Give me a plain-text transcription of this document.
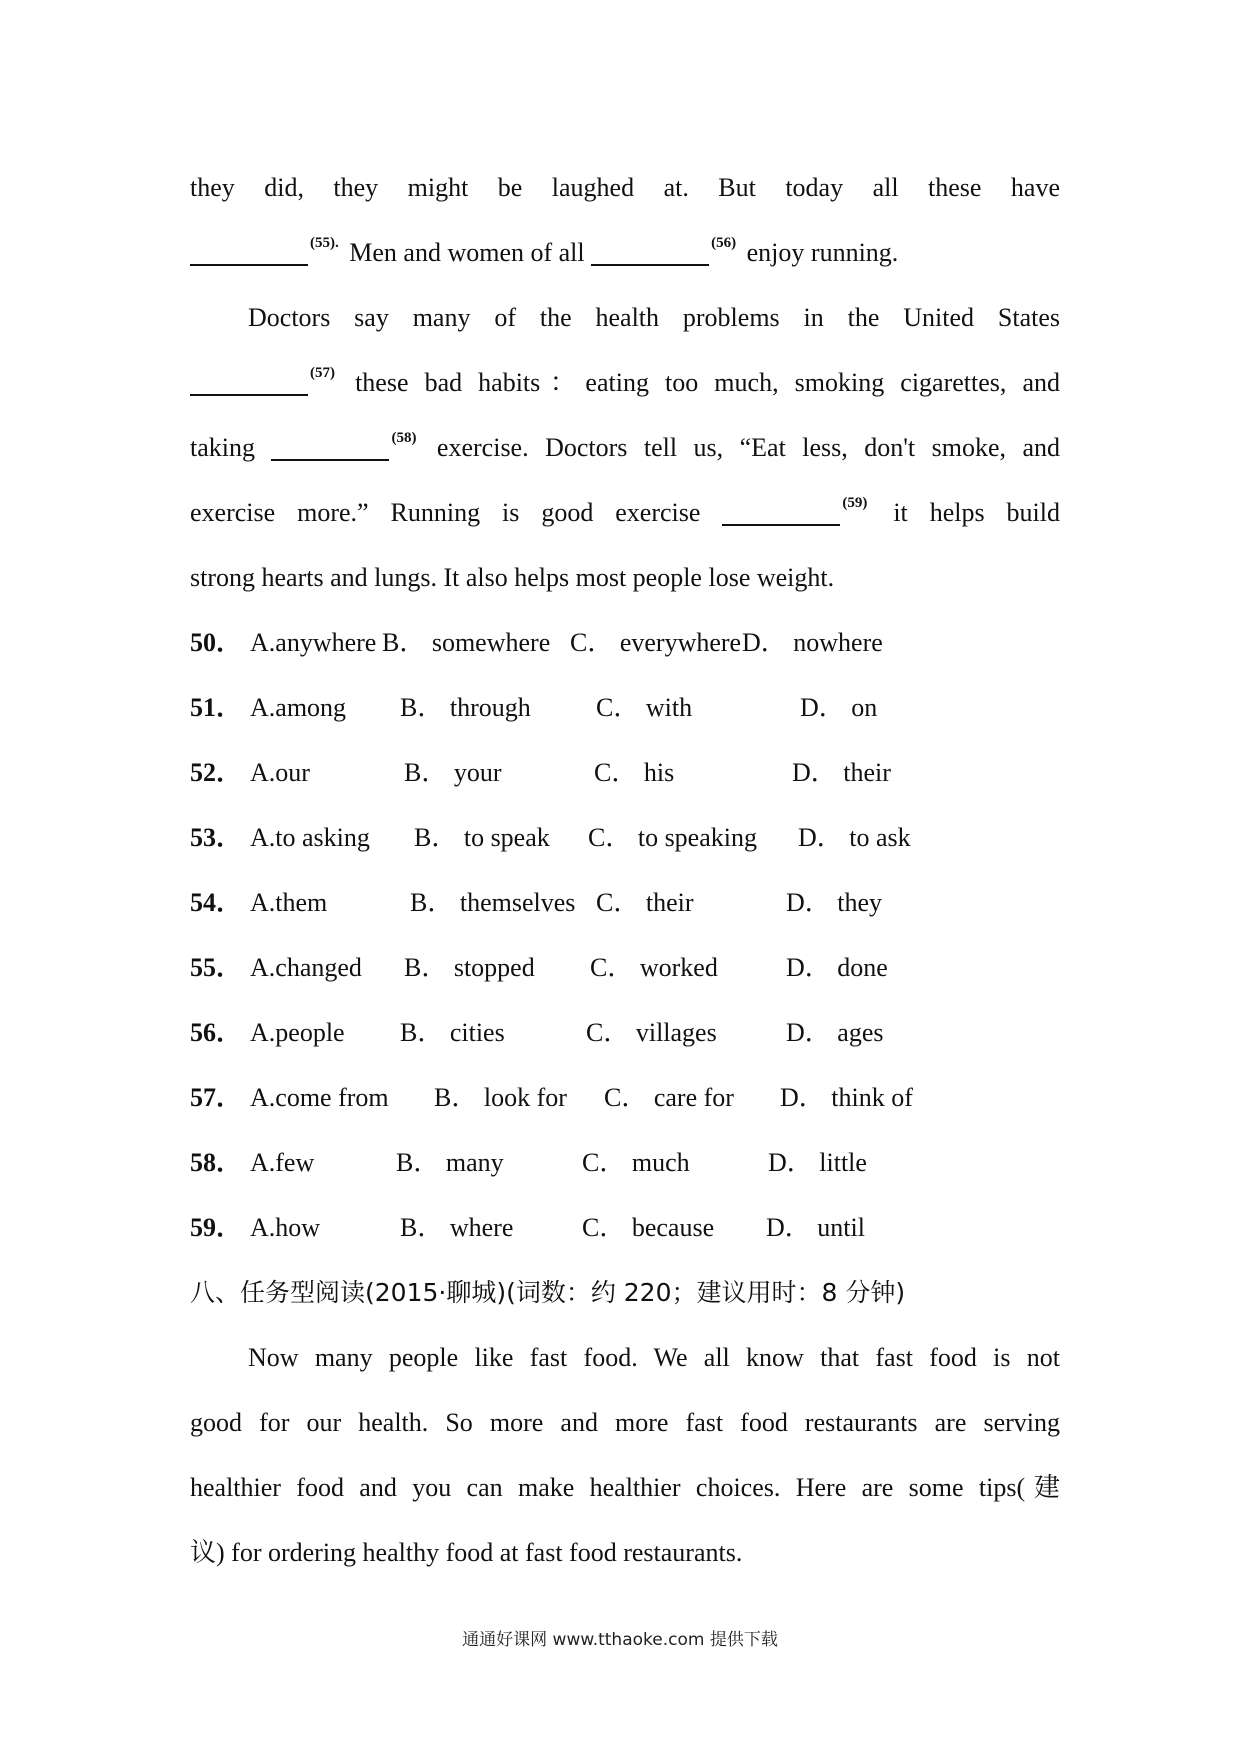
they did, they might be laughed at. But today all these have
$^{(55).}$ Men and women of all	$^{(56)}$ enjoy running.
Doctors say many of the health problems in the United States
$^{(57)}$ these bad habits：eating too much, smoking cigarettes, and
taking	$^{(58)}$ exercise. Doctors tell us, “Eat less, don't smoke, and
exercise more.” Running is good exercise	$^{(59)}$ it helps build
strong hearts and lungs. It also helps most people lose weight.
50． A.anywhere B． somewhere C． everywhere D． nowhere
51． A.among	B． through	C． with	D． on
52． A.our	B． your	C． his	D． their
53． A.to asking	B． to speak	C． to speaking	D． to ask
54． A.them	B． themselves C． their	D． they
55． A.changed	B． stopped	C． worked	D． done
56． A.people	B． cities	C． villages	D． ages
57． A.come from	B． look for	C． care for	D． think of
58． A.few	B． many	C． much	D． little
59． A.how	B． where	C． because	D． until
八、任务型阅读(2015·聊城)(词数：约 220；建议用时：8 分钟)
Now many people like fast food. We all know that fast food is not
good for our health. So more and more fast food restaurants are serving
healthier food and you can make healthier choices. Here are some tips(建
议) for ordering healthy food at fast food restaurants.
通通好课网 www.tthaoke.com 提供下载
